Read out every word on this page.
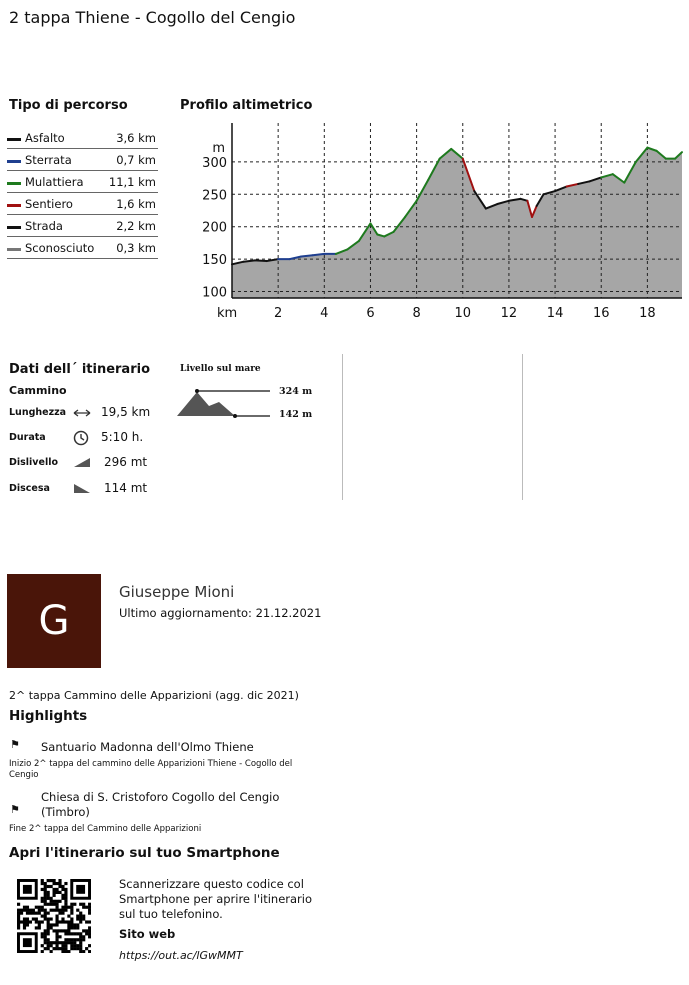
2 tappa Thiene - Cogollo del Cengio
Tipo di percorso
Asfalto	3,6 km
Sterrata	0,7 km
Mulattiera 11,1 km
Sentiero	1,6 km
Strada	2,2 km
Sconosciuto 0,3 km
Profilo altimetrico
100
150
200
250
300
m
2	4	6	8	10 12 14 16 18
km
Dati dell´ itinerario
Cammino
Lunghezza	19,5 km
Durata	5:10 h.
Dislivello	296 mt
Discesa	114 mt
Livello sul mare
324 m
142 m
G
Giuseppe Mioni
Ultimo aggiornamento: 21.12.2021
2^ tappa Cammino delle Apparizioni (agg. dic 2021)
Highlights
⚑ Santuario Madonna dell'Olmo Thiene
Inizio 2^ tappa del cammino delle Apparizioni Thiene - Cogollo del Cengio
⚑
Chiesa di S. Cristoforo Cogollo del Cengio (Timbro)
Fine 2^ tappa del Cammino delle Apparizioni
Apri l'itinerario sul tuo Smartphone
Scannerizzare questo codice col Smartphone per aprire l'itinerario sul tuo telefonino.
Sito web
https://out.ac/lGwMMT
